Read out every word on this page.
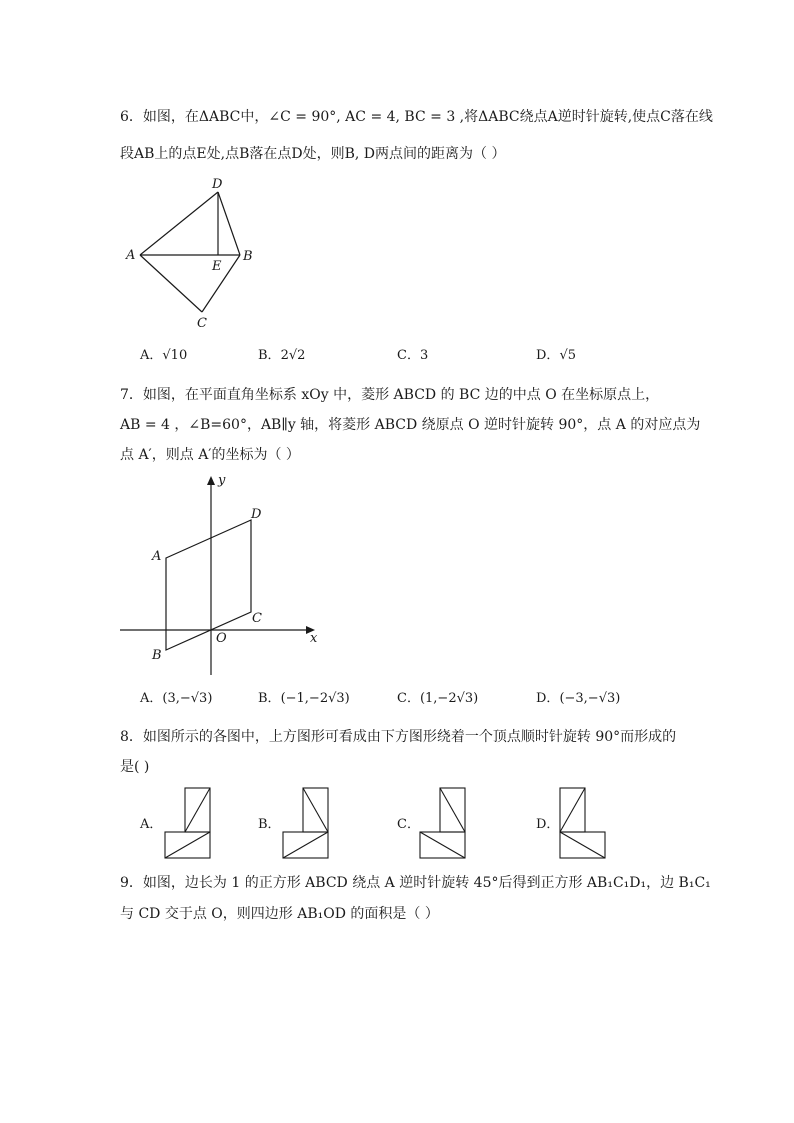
6．如图，在ΔABC中，∠C = 90°, AC = 4, BC = 3 ,将ΔABC绕点A逆时针旋转,使点C落在线
段AB上的点E处,点B落在点D处，则B, D两点间的距离为（ ）
D
A
E
B
C
A．√10	B．2√2	C．3	D．√5
7．如图，在平面直角坐标系 xOy 中，菱形 ABCD 的 BC 边的中点 O 在坐标原点上，
AB = 4 ，∠B=60°，AB∥y 轴，将菱形 ABCD 绕原点 O 逆时针旋转 90°，点 A 的对应点为
点 A′，则点 A′的坐标为（ ）
y
D
A
C
O	x
B
A．(3,−√3)	B．(−1,−2√3)	C．(1,−2√3)	D．(−3,−√3)
8．如图所示的各图中，上方图形可看成由下方图形绕着一个顶点顺时针旋转 90°而形成的
是( )
A．	B．	C．	D．
9．如图，边长为 1 的正方形 ABCD 绕点 A 逆时针旋转 45°后得到正方形 AB₁C₁D₁，边 B₁C₁
与 CD 交于点 O，则四边形 AB₁OD 的面积是（ ）
